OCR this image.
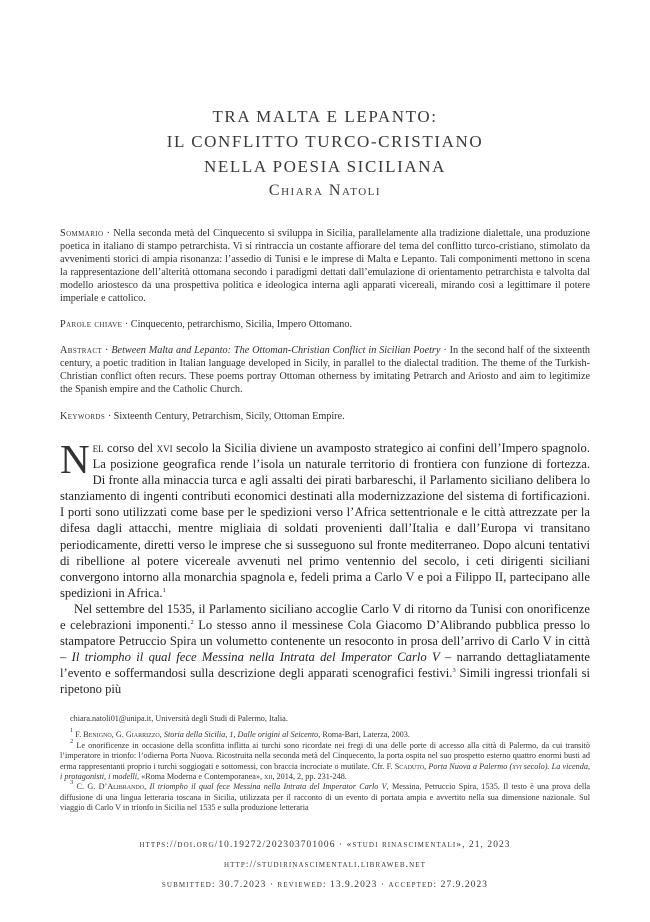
TRA MALTA E LEPANTO:
IL CONFLITTO TURCO-CRISTIANO
NELLA POESIA SICILIANA
Chiara Natoli
Sommario · Nella seconda metà del Cinquecento si sviluppa in Sicilia, parallelamente alla tradizione dialettale, una produzione poetica in italiano di stampo petrarchista. Vi si rintraccia un costante affiorare del tema del conflitto turco-cristiano, stimolato da avvenimenti storici di ampia risonanza: l’assedio di Tunisi e le imprese di Malta e Lepanto. Tali componimenti mettono in scena la rappresentazione dell’alterità ottomana secondo i paradigmi dettati dall’emulazione di orientamento petrarchista e talvolta dal modello ariostesco da una prospettiva politica e ideologica interna agli apparati vicereali, mirando così a legittimare il potere imperiale e cattolico.
Parole chiave · Cinquecento, petrarchismo, Sicilia, Impero Ottomano.
Abstract · Between Malta and Lepanto: The Ottoman-Christian Conflict in Sicilian Poetry · In the second half of the sixteenth century, a poetic tradition in Italian language developed in Sicily, in parallel to the dialectal tradition. The theme of the Turkish-Christian conflict often recurs. These poems portray Ottoman otherness by imitating Petrarch and Ariosto and aim to legitimize the Spanish empire and the Catholic Church.
Keywords · Sixteenth Century, Petrarchism, Sicily, Ottoman Empire.

Nel corso del xvi secolo la Sicilia diviene un avamposto strategico ai confini dell’Impero spagnolo. La posizione geografica rende l’isola un naturale territorio di frontiera con funzione di fortezza. Di fronte alla minaccia turca e agli assalti dei pirati barbareschi, il Parlamento siciliano delibera lo stanziamento di ingenti contributi economici destinati alla modernizzazione del sistema di fortificazioni. I porti sono utilizzati come base per le spedizioni verso l’Africa settentrionale e le città attrezzate per la difesa dagli attacchi, mentre migliaia di soldati provenienti dall’Italia e dall’Europa vi transitano periodicamente, diretti verso le imprese che si susseguono sul fronte mediterraneo. Dopo alcuni tentativi di ribellione al potere vicereale avvenuti nel primo ventennio del secolo, i ceti dirigenti siciliani convergono intorno alla monarchia spagnola e, fedeli prima a Carlo V e poi a Filippo II, partecipano alle spedizioni in Africa.$^1$

Nel settembre del 1535, il Parlamento siciliano accoglie Carlo V di ritorno da Tunisi con onorificenze e celebrazioni imponenti.$^2$ Lo stesso anno il messinese Cola Giacomo D’Alibrando pubblica presso lo stampatore Petruccio Spira un volumetto contenente un resoconto in prosa dell’arrivo di Carlo V in città – Il triompho il qual fece Messina nella Intrata del Imperator Carlo V – narrando dettagliatamente l’evento e soffermandosi sulla descrizione degli apparati scenografici festivi.$^3$ Simili ingressi trionfali si ripetono più

chiara.natoli01@unipa.it, Università degli Studi di Palermo, Italia.

$^1$ F. Benigno, G. Giarrizzo, Storia della Sicilia, 1, Dalle origini al Seicento, Roma-Bari, Laterza, 2003.

$^2$ Le onorificenze in occasione della sconfitta inflitta ai turchi sono ricordate nei fregi di una delle porte di accesso alla città di Palermo, da cui transitò l’imperatore in trionfo: l’odierna Porta Nuova. Ricostruita nella seconda metà del Cinquecento, la porta ospita nel suo prospetto esterno quattro enormi busti ad erma rappresentanti proprio i turchi soggiogati e sottomessi, con braccia incrociate o mutilate. Cfr. F. Scaduto, Porta Nuova a Palermo (xvi secolo). La vicenda, i protagonisti, i modelli, «Roma Moderna e Contemporanea», xii, 2014, 2, pp. 231-248.

$^3$ C. G. D’Alibrando, Il triompho il qual fece Messina nella Intrata del Imperator Carlo V, Messina, Petruccio Spira, 1535. Il testo è una prova della diffusione di una lingua letteraria toscana in Sicilia, utilizzata per il racconto di un evento di portata ampia e avvertito nella sua dimensione nazionale. Sul viaggio di Carlo V in trionfo in Sicilia nel 1535 e sulla produzione letteraria

https://doi.org/10.19272/202303701006 · «studi rinascimentali», 21, 2023
http://studirinascimentali.libraweb.net
submitted: 30.7.2023 · reviewed: 13.9.2023 · accepted: 27.9.2023
